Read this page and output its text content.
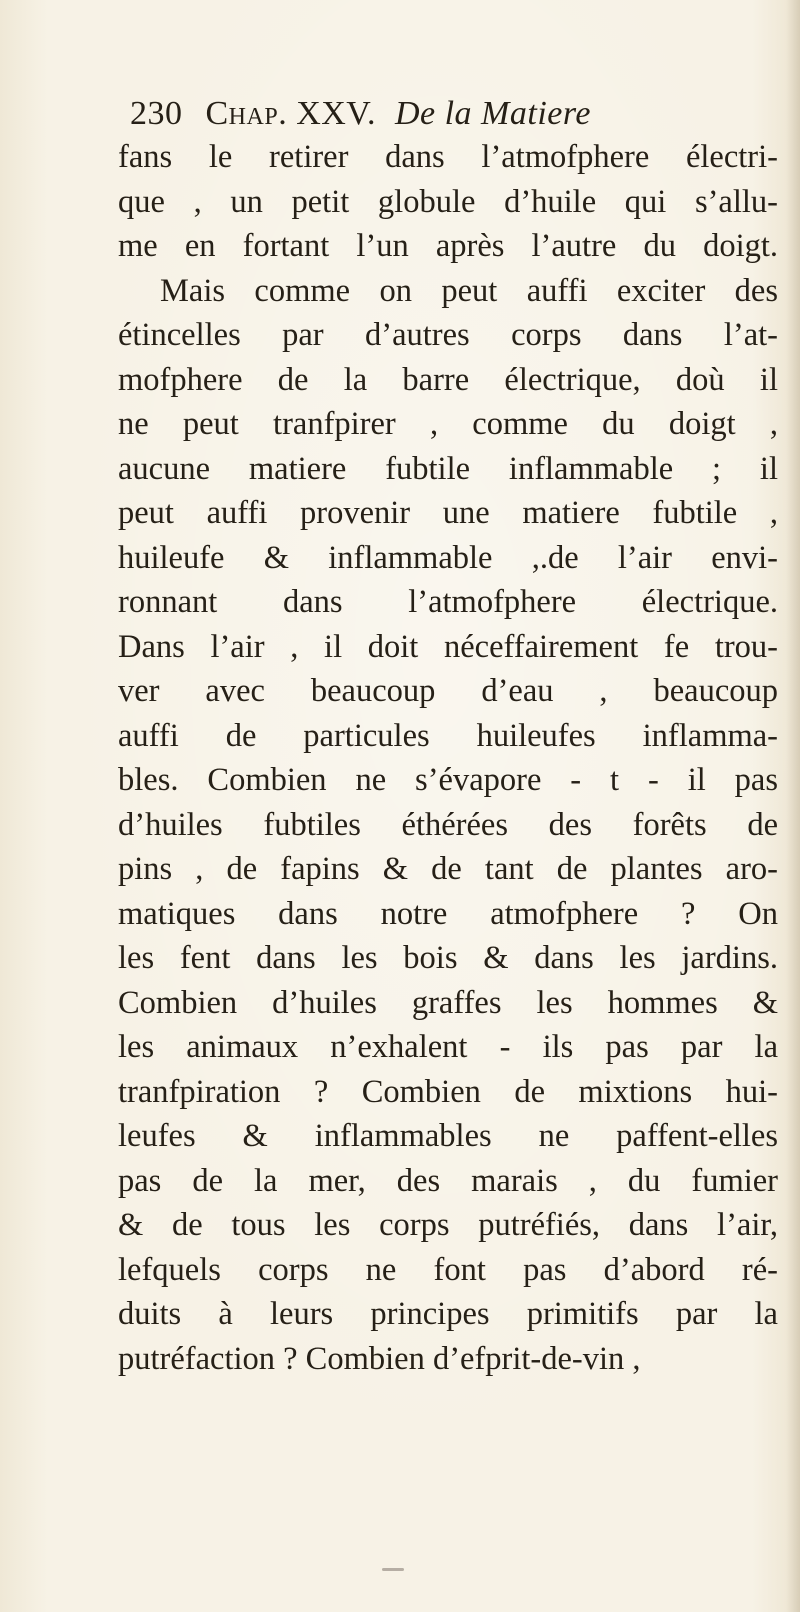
230 Chap. XXV. De la Matiere
fans le retirer dans l’atmofphere électri-
que , un petit globule d’huile qui s’allu-
me en fortant l’un après l’autre du doigt.
Mais comme on peut auffi exciter des
étincelles par d’autres corps dans l’at-
mofphere de la barre électrique, doù il
ne peut tranfpirer , comme du doigt ,
aucune matiere fubtile inflammable ; il
peut auffi provenir une matiere fubtile ,
huileufe & inflammable ,.de l’air envi-
ronnant dans l’atmofphere électrique.
Dans l’air , il doit néceffairement fe trou-
ver avec beaucoup d’eau , beaucoup
auffi de particules huileufes inflamma-
bles. Combien ne s’évapore - t - il pas
d’huiles fubtiles éthérées des forêts de
pins , de fapins & de tant de plantes aro-
matiques dans notre atmofphere ? On
les fent dans les bois & dans les jardins.
Combien d’huiles graffes les hommes &
les animaux n’exhalent - ils pas par la
tranfpiration ? Combien de mixtions hui-
leufes & inflammables ne paffent-elles
pas de la mer, des marais , du fumier
& de tous les corps putréfiés, dans l’air,
lefquels corps ne font pas d’abord ré-
duits à leurs principes primitifs par la
putréfaction ? Combien d’efprit-de-vin ,
